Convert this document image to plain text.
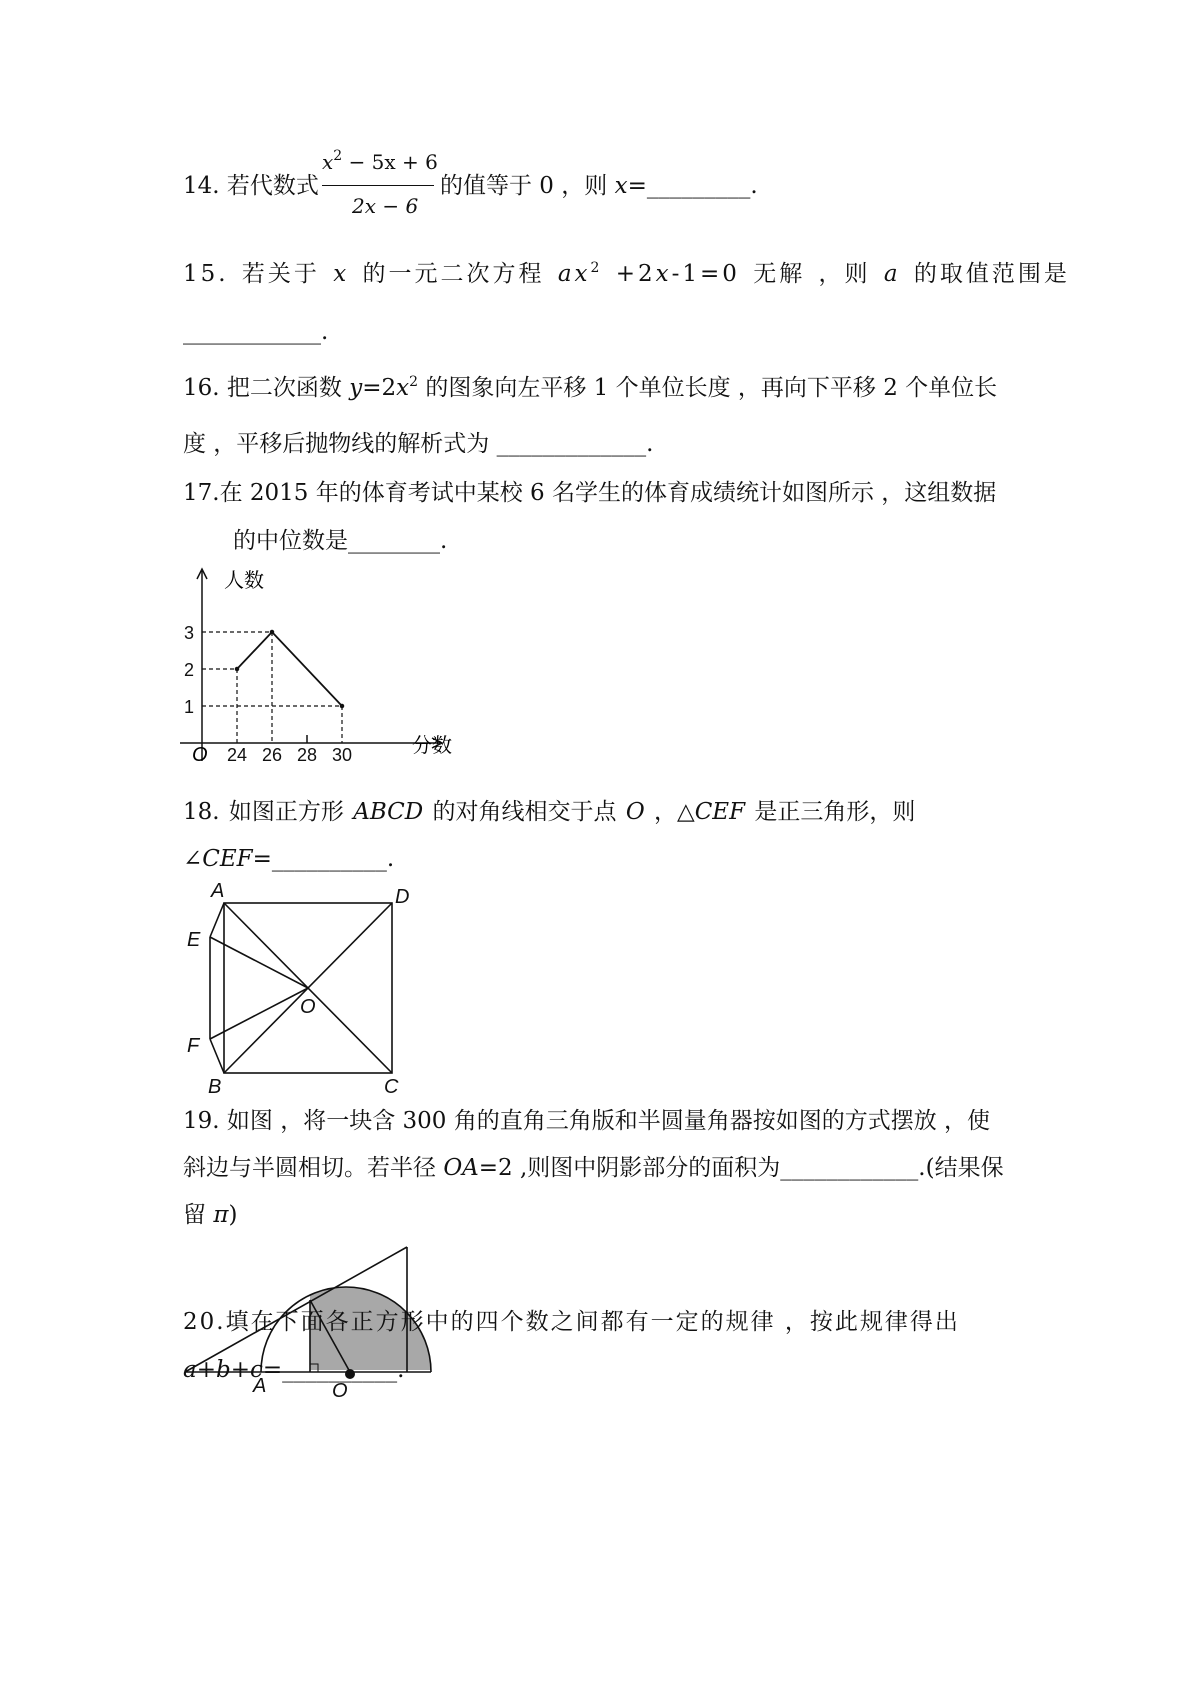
14. 若代数式
$x^2 - 5x + 6$
2x − 6
的值等于 0 ，则 x=_________.
15. 若关于 x 的一元二次方程 $ax^2 +2x-1=0$ 无解 ，则 a 的取值范围是
____________.
16. 把二次函数 $y=2x^2$ 的图象向左平移 1 个单位长度 ，再向下平移 2 个单位长
度 ，平移后抛物线的解析式为 _____________.
17.在 2015 年的体育考试中某校 6 名学生的体育成绩统计如图所示 ，这组数据
的中位数是________.
人数
分数
O
1
2
3
24 26 28 30
18. 如图正方形 ABCD 的对角线相交于点 O ，△CEF 是正三角形，则
∠CEF=__________.
A	D
E
O
F
B	C
19. 如图 ，将一块含 300 角的直角三角版和半圆量角器按如图的方式摆放 ，使
斜边与半圆相切。若半径 OA=2 ,则图中阴影部分的面积为____________.(结果保
留 π)
A	O
20.填在下面各正方形中的四个数之间都有一定的规律 ，按此规律得出
a+b+c=__________.
